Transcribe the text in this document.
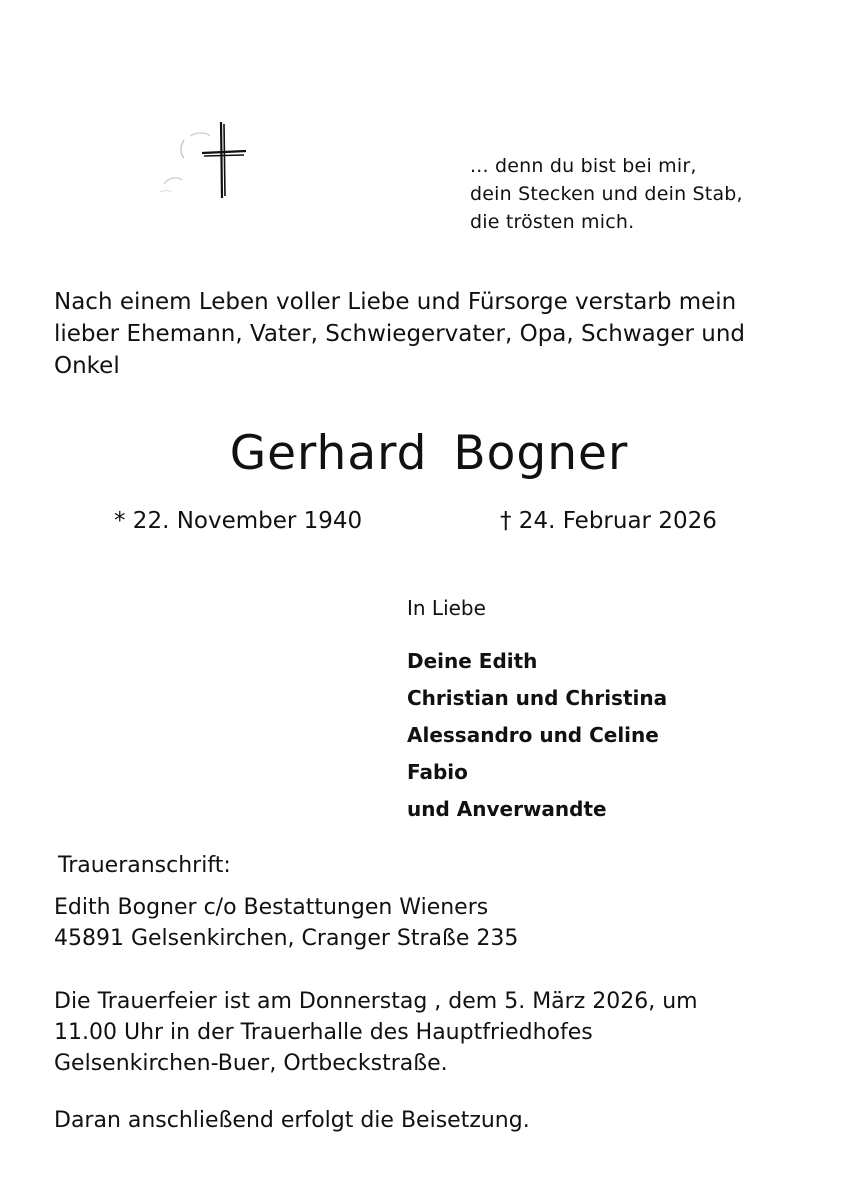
... denn du bist bei mir,
dein Stecken und dein Stab,
die trösten mich.
Nach einem Leben voller Liebe und Fürsorge verstarb mein
lieber Ehemann, Vater, Schwiegervater, Opa, Schwager und
Onkel
Gerhard Bogner
* 22. November 1940	† 24. Februar 2026
In Liebe
Deine Edith
Christian und Christina
Alessandro und Celine
Fabio
und Anverwandte
Traueranschrift:
Edith Bogner c/o Bestattungen Wieners
45891 Gelsenkirchen, Cranger Straße 235
Die Trauerfeier ist am Donnerstag , dem 5. März 2026, um
11.00 Uhr in der Trauerhalle des Hauptfriedhofes
Gelsenkirchen-Buer, Ortbeckstraße.
Daran anschließend erfolgt die Beisetzung.
